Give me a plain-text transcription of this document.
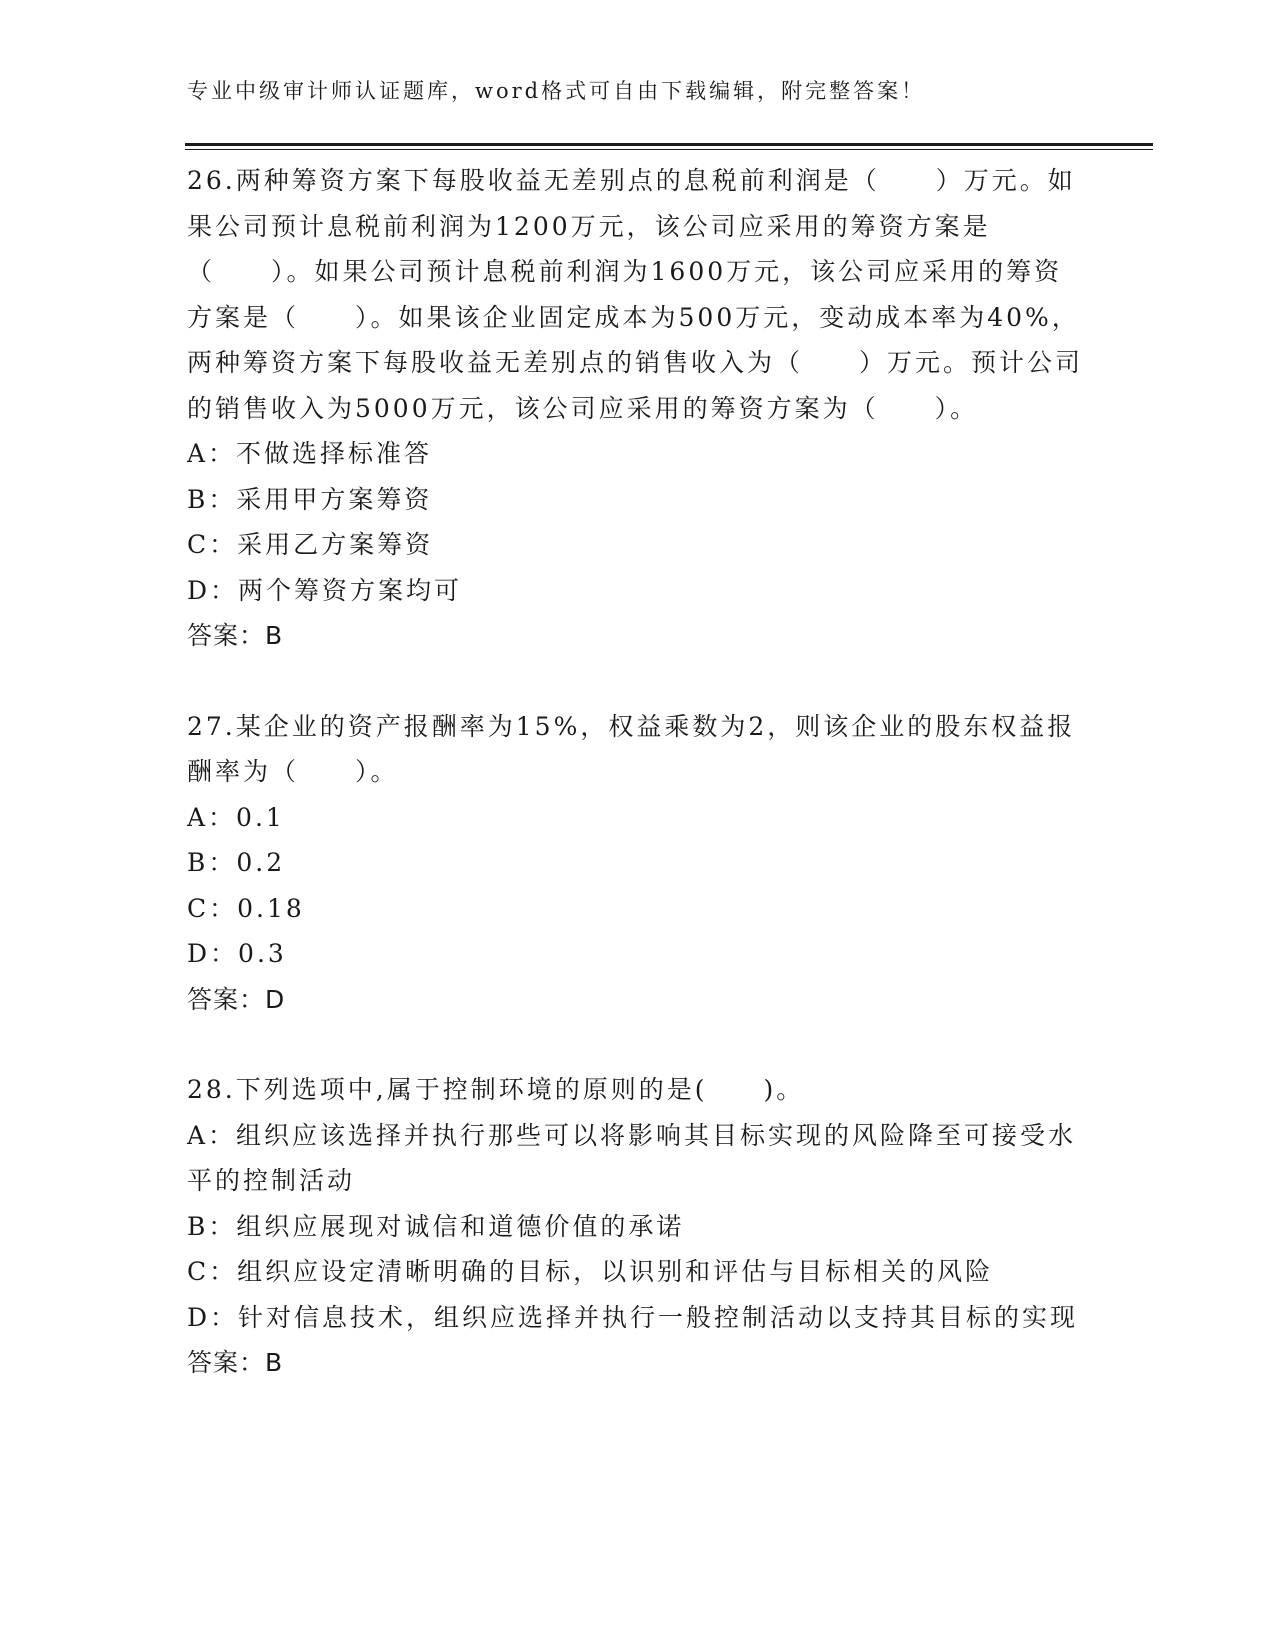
专业中级审计师认证题库，word格式可自由下载编辑，附完整答案！

26.两种筹资方案下每股收益无差别点的息税前利润是（　　）万元。如果公司预计息税前利润为1200万元，该公司应采用的筹资方案是（　　）。如果公司预计息税前利润为1600万元，该公司应采用的筹资方案是（　　）。如果该企业固定成本为500万元，变动成本率为40%，两种筹资方案下每股收益无差别点的销售收入为（　　）万元。预计公司的销售收入为5000万元，该公司应采用的筹资方案为（　　）。

A：不做选择标准答

B：采用甲方案筹资

C：采用乙方案筹资

D：两个筹资方案均可

答案：B

27.某企业的资产报酬率为15%，权益乘数为2，则该企业的股东权益报酬率为（　　）。

A：0.1

B：0.2

C：0.18

D：0.3

答案：D

28.下列选项中,属于控制环境的原则的是(　　)。

A：组织应该选择并执行那些可以将影响其目标实现的风险降至可接受水平的控制活动

B：组织应展现对诚信和道德价值的承诺

C：组织应设定清晰明确的目标，以识别和评估与目标相关的风险

D：针对信息技术，组织应选择并执行一般控制活动以支持其目标的实现

答案：B
